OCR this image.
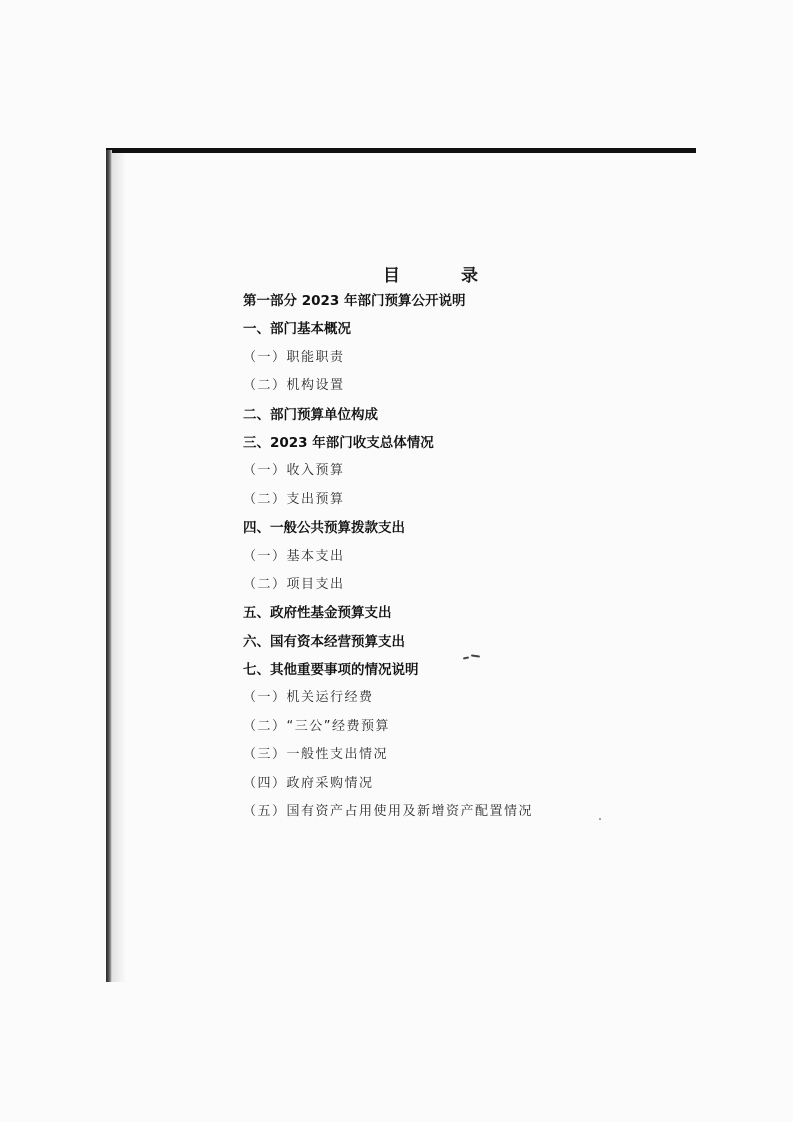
目　录
第一部分 2023 年部门预算公开说明
一、部门基本概况
（一）职能职责
（二）机构设置
二、部门预算单位构成
三、2023 年部门收支总体情况
（一）收入预算
（二）支出预算
四、一般公共预算拨款支出
（一）基本支出
（二）项目支出
五、政府性基金预算支出
六、国有资本经营预算支出
七、其他重要事项的情况说明
（一）机关运行经费
（二）“三公”经费预算
（三）一般性支出情况
（四）政府采购情况
（五）国有资产占用使用及新增资产配置情况
